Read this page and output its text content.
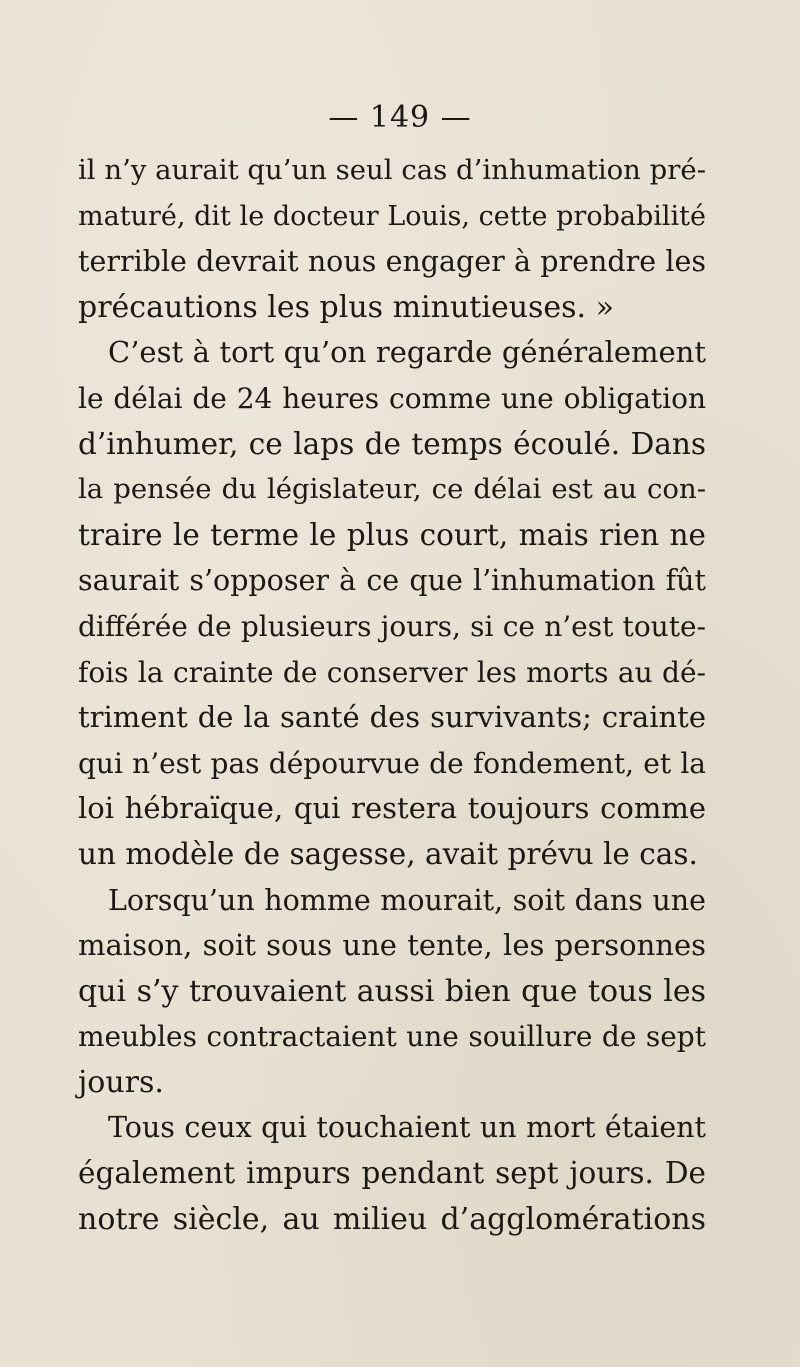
— 149 —
il n’y aurait qu’un seul cas d’inhumation pré-
maturé, dit le docteur Louis, cette probabilité
terrible devrait nous engager à prendre les
précautions les plus minutieuses. »
C’est à tort qu’on regarde généralement
le délai de 24 heures comme une obligation
d’inhumer, ce laps de temps écoulé. Dans
la pensée du législateur, ce délai est au con-
traire le terme le plus court, mais rien ne
saurait s’opposer à ce que l’inhumation fût
différée de plusieurs jours, si ce n’est toute-
fois la crainte de conserver les morts au dé-
triment de la santé des survivants; crainte
qui n’est pas dépourvue de fondement, et la
loi hébraïque, qui restera toujours comme
un modèle de sagesse, avait prévu le cas.
Lorsqu’un homme mourait, soit dans une
maison, soit sous une tente, les personnes
qui s’y trouvaient aussi bien que tous les
meubles contractaient une souillure de sept
jours.
Tous ceux qui touchaient un mort étaient
également impurs pendant sept jours. De
notre siècle, au milieu d’agglomérations
